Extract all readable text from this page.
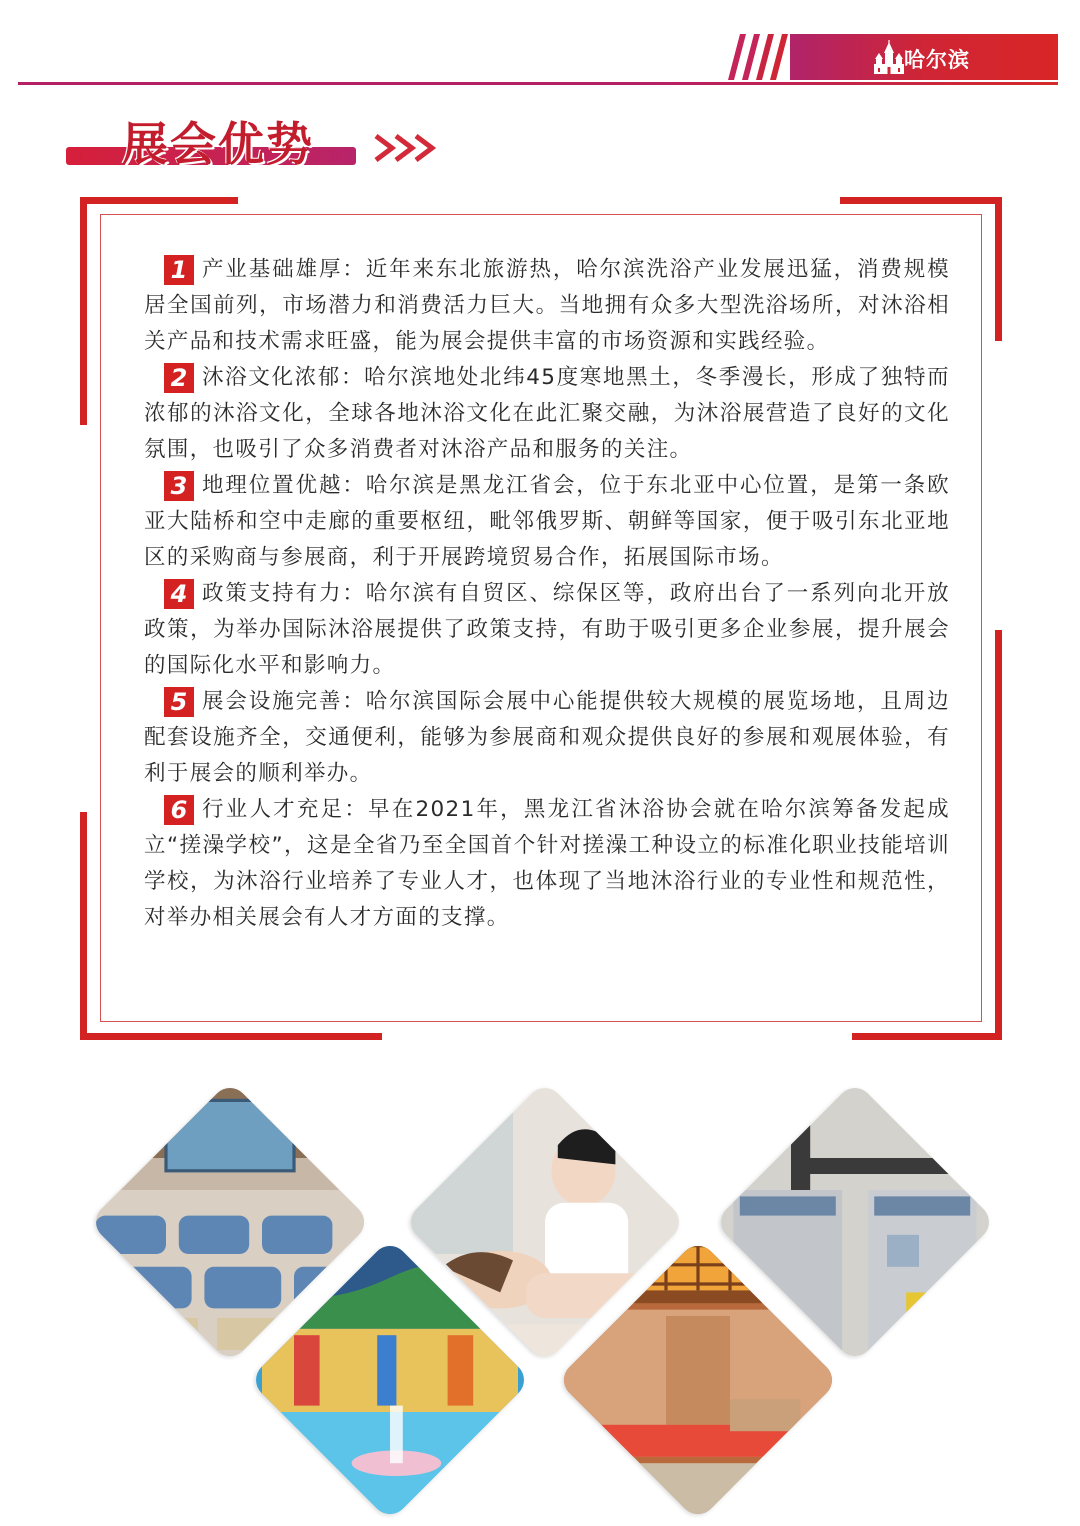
哈尔滨
展会优势
1 产业基础雄厚：近年来东北旅游热，哈尔滨洗浴产业发展迅猛，消费规模居全国前列，市场潜力和消费活力巨大。当地拥有众多大型洗浴场所，对沐浴相关产品和技术需求旺盛，能为展会提供丰富的市场资源和实践经验。

2 沐浴文化浓郁：哈尔滨地处北纬45度寒地黑土，冬季漫长，形成了独特而浓郁的沐浴文化，全球各地沐浴文化在此汇聚交融，为沐浴展营造了良好的文化氛围，也吸引了众多消费者对沐浴产品和服务的关注。

3 地理位置优越：哈尔滨是黑龙江省会，位于东北亚中心位置，是第一条欧亚大陆桥和空中走廊的重要枢纽，毗邻俄罗斯、朝鲜等国家，便于吸引东北亚地区的采购商与参展商，利于开展跨境贸易合作，拓展国际市场。

4 政策支持有力：哈尔滨有自贸区、综保区等，政府出台了一系列向北开放政策，为举办国际沐浴展提供了政策支持，有助于吸引更多企业参展，提升展会的国际化水平和影响力。

5 展会设施完善：哈尔滨国际会展中心能提供较大规模的展览场地，且周边配套设施齐全，交通便利，能够为参展商和观众提供良好的参展和观展体验，有利于展会的顺利举办。

6 行业人才充足：早在2021年，黑龙江省沐浴协会就在哈尔滨筹备发起成立“搓澡学校”，这是全省乃至全国首个针对搓澡工种设立的标准化职业技能培训学校，为沐浴行业培养了专业人才，也体现了当地沐浴行业的专业性和规范性，对举办相关展会有人才方面的支撑。
